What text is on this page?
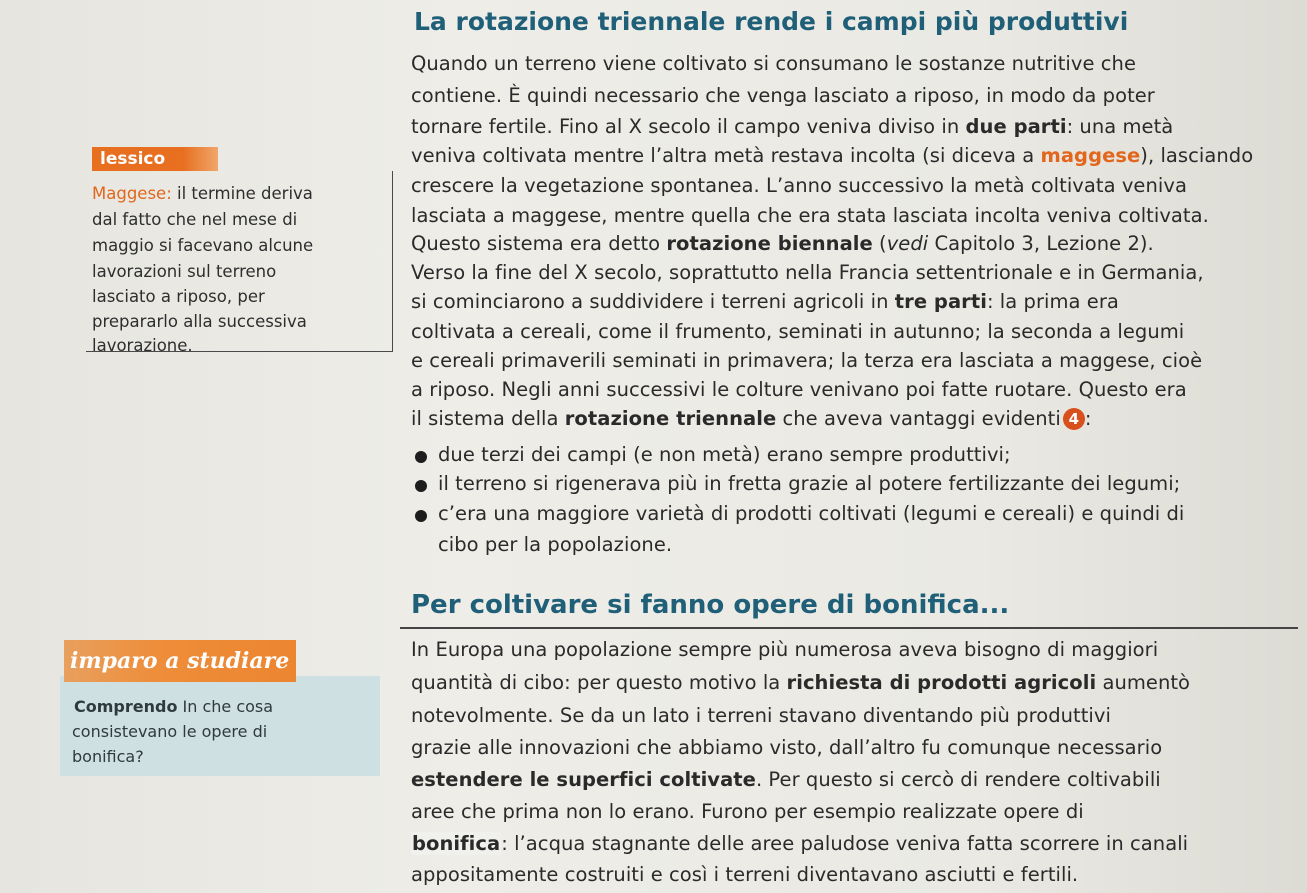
La rotazione triennale rende i campi più produttivi
Quando un terreno viene coltivato si consumano le sostanze nutritive che
contiene. È quindi necessario che venga lasciato a riposo, in modo da poter
tornare fertile. Fino al X secolo il campo veniva diviso in due parti: una metà
veniva coltivata mentre l’altra metà restava incolta (si diceva a maggese), lasciando
crescere la vegetazione spontanea. L’anno successivo la metà coltivata veniva
lasciata a maggese, mentre quella che era stata lasciata incolta veniva coltivata.
Questo sistema era detto rotazione biennale (vedi Capitolo 3, Lezione 2).
Verso la fine del X secolo, soprattutto nella Francia settentrionale e in Germania,
si cominciarono a suddividere i terreni agricoli in tre parti: la prima era
coltivata a cereali, come il frumento, seminati in autunno; la seconda a legumi
e cereali primaverili seminati in primavera; la terza era lasciata a maggese, cioè
a riposo. Negli anni successivi le colture venivano poi fatte ruotare. Questo era
il sistema della rotazione triennale che aveva vantaggi evidenti 4 :
due terzi dei campi (e non metà) erano sempre produttivi;
il terreno si rigenerava più in fretta grazie al potere fertilizzante dei legumi;
c’era una maggiore varietà di prodotti coltivati (legumi e cereali) e quindi di
cibo per la popolazione.
lessico
Maggese: il termine deriva
dal fatto che nel mese di
maggio si facevano alcune
lavorazioni sul terreno
lasciato a riposo, per
prepararlo alla successiva
lavorazione.
Per coltivare si fanno opere di bonifica...
In Europa una popolazione sempre più numerosa aveva bisogno di maggiori
quantità di cibo: per questo motivo la richiesta di prodotti agricoli aumentò
notevolmente. Se da un lato i terreni stavano diventando più produttivi
grazie alle innovazioni che abbiamo visto, dall’altro fu comunque necessario
estendere le superfici coltivate. Per questo si cercò di rendere coltivabili
aree che prima non lo erano. Furono per esempio realizzate opere di
bonifica: l’acqua stagnante delle aree paludose veniva fatta scorrere in canali
appositamente costruiti e così i terreni diventavano asciutti e fertili.
imparo a studiare
Comprendo In che cosa
consistevano le opere di
bonifica?
